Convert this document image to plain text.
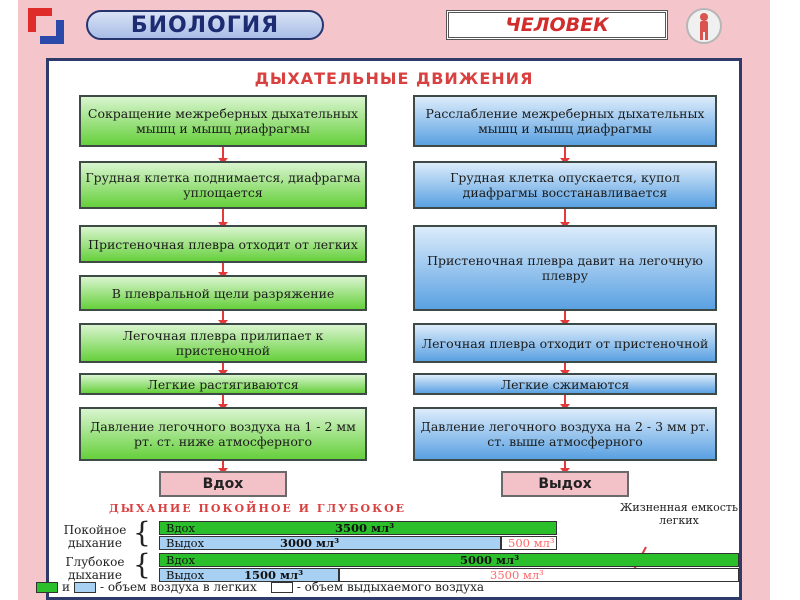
БИОЛОГИЯ	ЧЕЛОВЕК
ДЫХАТЕЛЬНЫЕ ДВИЖЕНИЯ
Сокращение межреберных дыхательных мышц и мышц диафрагмы
Грудная клетка поднимается, диафрагма уплощается
Пристеночная плевра отходит от легких
В плевральной щели разряжение
Легочная плевра прилипает к пристеночной
Легкие растягиваются
Давление легочного воздуха на 1 - 2 мм рт. ст. ниже атмосферного
Вдох
Расслабление межреберных дыхательных мышц и мышц диафрагмы
Грудная клетка опускается, купол диафрагмы восстанавливается
Пристеночная плевра давит на легочную плевру
Легочная плевра отходит от пристеночной
Легкие сжимаются
Давление легочного воздуха на 2 - 3 мм рт. ст. выше атмосферного
Выдох
ДЫХАНИЕ ПОКОЙНОЕ И ГЛУБОКОЕ	Жизненная емкость легких
Покойное дыхание { Вдох	3500 мл³
Выдох	3000 мл³	500 мл³
Глубокое дыхание { Вдох	5000 мл³
Выдох	1500 мл³	3500 мл³
и	- объем воздуха в легких	- объем выдыхаемого воздуха
